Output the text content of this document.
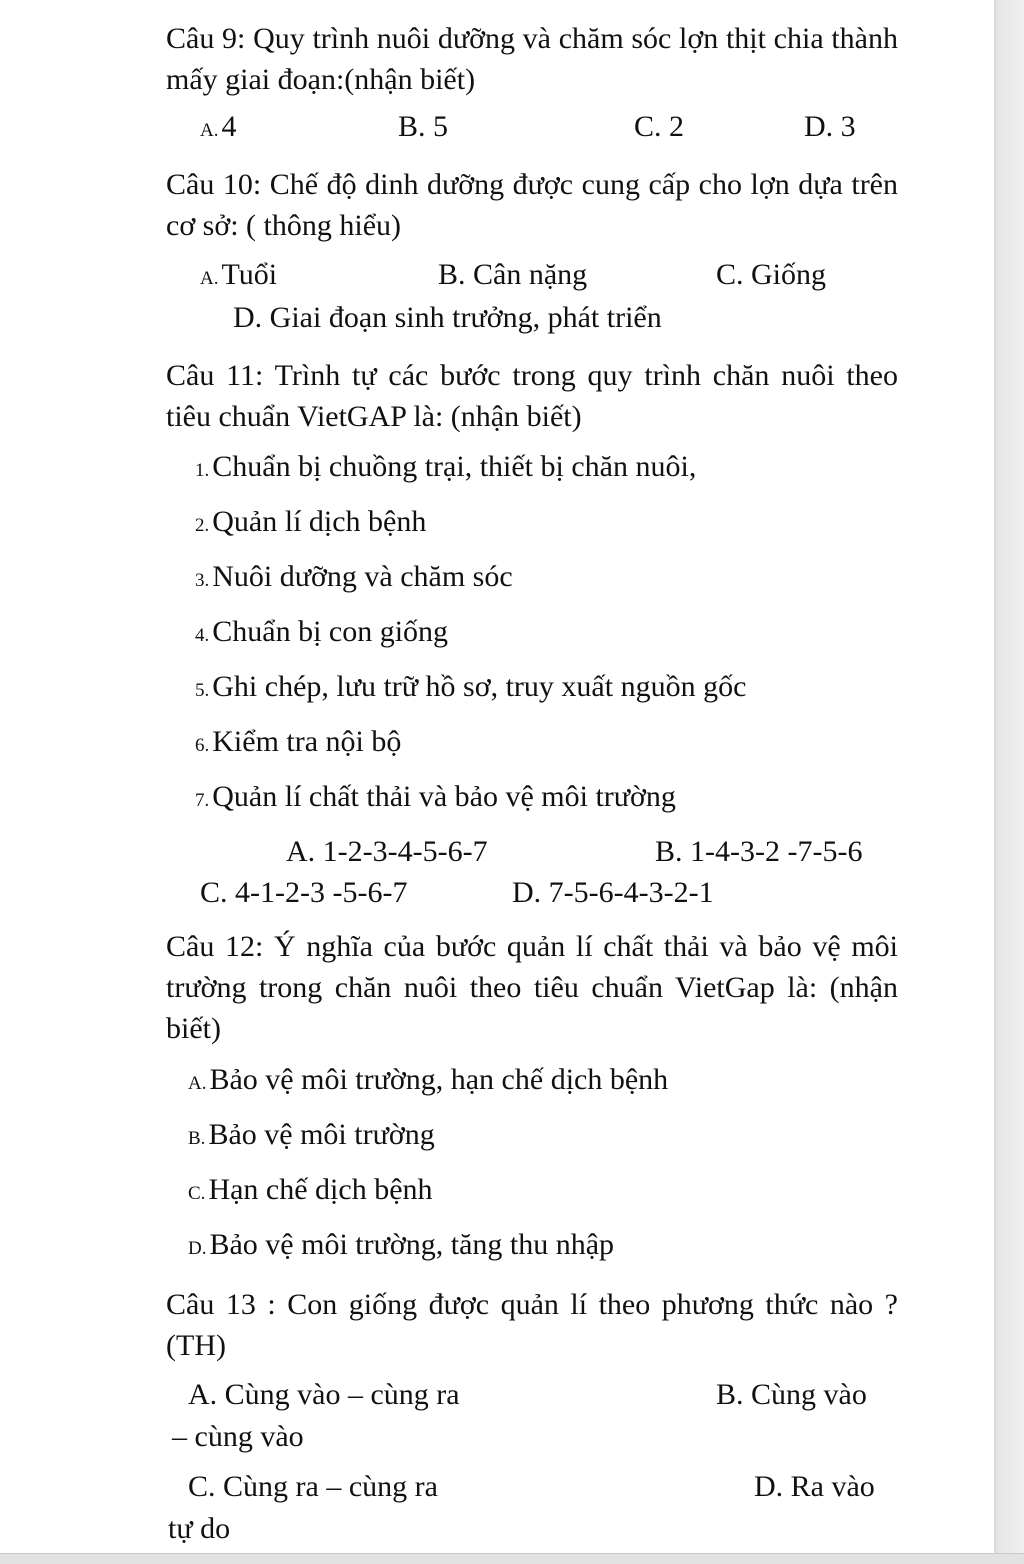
Câu 9: Quy trình nuôi dưỡng và chăm sóc lợn thịt chia thành mấy giai đoạn:(nhận biết)
A. 4	B. 5	C. 2	D. 3
Câu 10: Chế độ dinh dưỡng được cung cấp cho lợn dựa trên cơ sở: ( thông hiểu)
A. Tuổi	B. Cân nặng	C. Giống
D. Giai đoạn sinh trưởng, phát triển
Câu 11: Trình tự các bước trong quy trình chăn nuôi theo tiêu chuẩn VietGAP là: (nhận biết)
1. Chuẩn bị chuồng trại, thiết bị chăn nuôi,
2. Quản lí dịch bệnh
3. Nuôi dưỡng và chăm sóc
4. Chuẩn bị con giống
5. Ghi chép, lưu trữ hồ sơ, truy xuất nguồn gốc
6. Kiểm tra nội bộ
7. Quản lí chất thải và bảo vệ môi trường
A. 1-2-3-4-5-6-7	B. 1-4-3-2 -7-5-6
C. 4-1-2-3 -5-6-7	D. 7-5-6-4-3-2-1
Câu 12: Ý nghĩa của bước quản lí chất thải và bảo vệ môi trường trong chăn nuôi theo tiêu chuẩn VietGap là: (nhận biết)
A. Bảo vệ môi trường, hạn chế dịch bệnh
B. Bảo vệ môi trường
C. Hạn chế dịch bệnh
D. Bảo vệ môi trường, tăng thu nhập
Câu 13 : Con giống được quản lí theo phương thức nào ?(TH)
A. Cùng vào – cùng ra	B. Cùng vào
– cùng vào
C. Cùng ra – cùng ra	D. Ra vào
tự do
